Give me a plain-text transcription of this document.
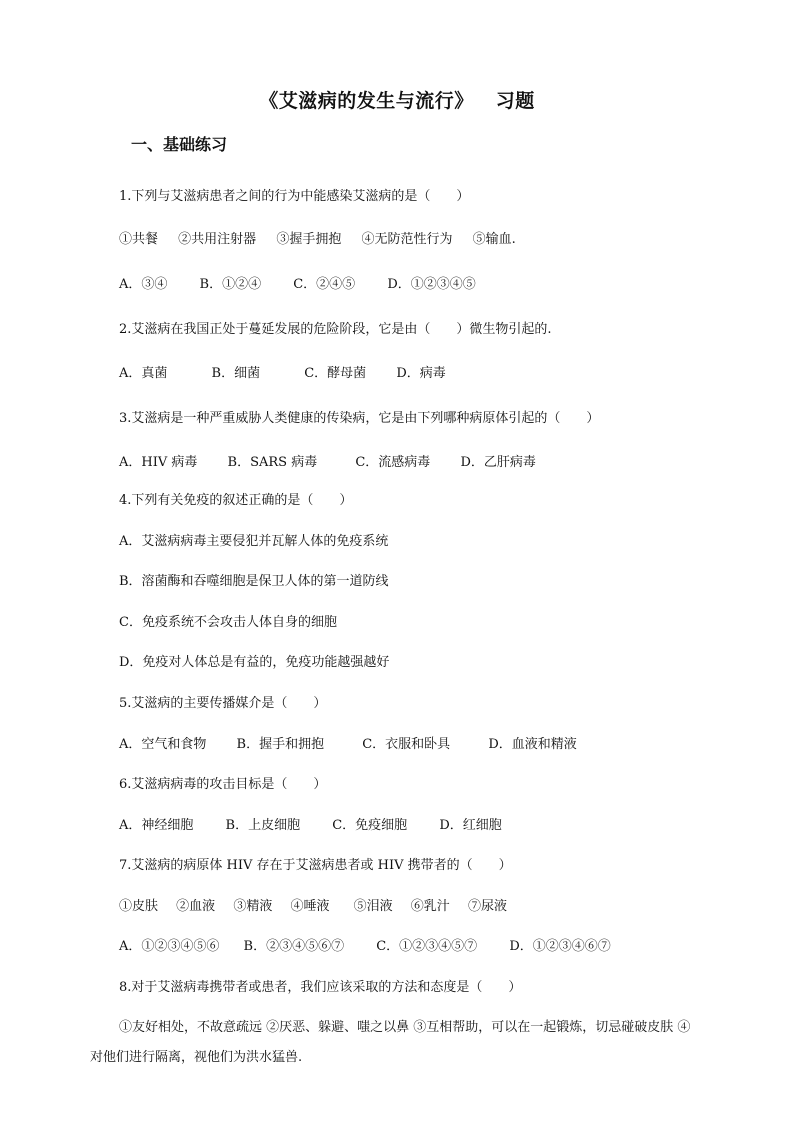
《艾滋病的发生与流行》 习题
一、基础练习
1.下列与艾滋病患者之间的行为中能感染艾滋病的是（　　）
①共餐 ②共用注射器 ③握手拥抱 ④无防范性行为 ⑤输血.
A．③④ B．①②④ C．②④⑤ D．①②③④⑤
2.艾滋病在我国正处于蔓延发展的危险阶段，它是由（　　）微生物引起的.
A．真菌	B．细菌	C．酵母菌 D．病毒
3.艾滋病是一种严重威胁人类健康的传染病，它是由下列哪种病原体引起的（　　）
A．HIV 病毒 B．SARS 病毒	C．流感病毒 D．乙肝病毒
4.下列有关免疫的叙述正确的是（　　）
A．艾滋病病毒主要侵犯并瓦解人体的免疫系统
B．溶菌酶和吞噬细胞是保卫人体的第一道防线
C．免疫系统不会攻击人体自身的细胞
D．免疫对人体总是有益的，免疫功能越强越好
5.艾滋病的主要传播媒介是（　　）
A．空气和食物 B．握手和拥抱	C．衣服和卧具	D．血液和精液
6.艾滋病病毒的攻击目标是（　　）
A．神经细胞 B．上皮细胞 C．免疫细胞 D．红细胞
7.艾滋病的病原体 HIV 存在于艾滋病患者或 HIV 携带者的（　　）
①皮肤 ②血液 ③精液 ④唾液 ⑤泪液 ⑥乳汁 ⑦尿液
A．①②③④⑤⑥ B．②③④⑤⑥⑦ C．①②③④⑤⑦ D．①②③④⑥⑦
8.对于艾滋病毒携带者或患者，我们应该采取的方法和态度是（　　）
①友好相处，不故意疏远 ②厌恶、躲避、嗤之以鼻 ③互相帮助，可以在一起锻炼，切忌碰破皮肤 ④对他们进行隔离，视他们为洪水猛兽.
